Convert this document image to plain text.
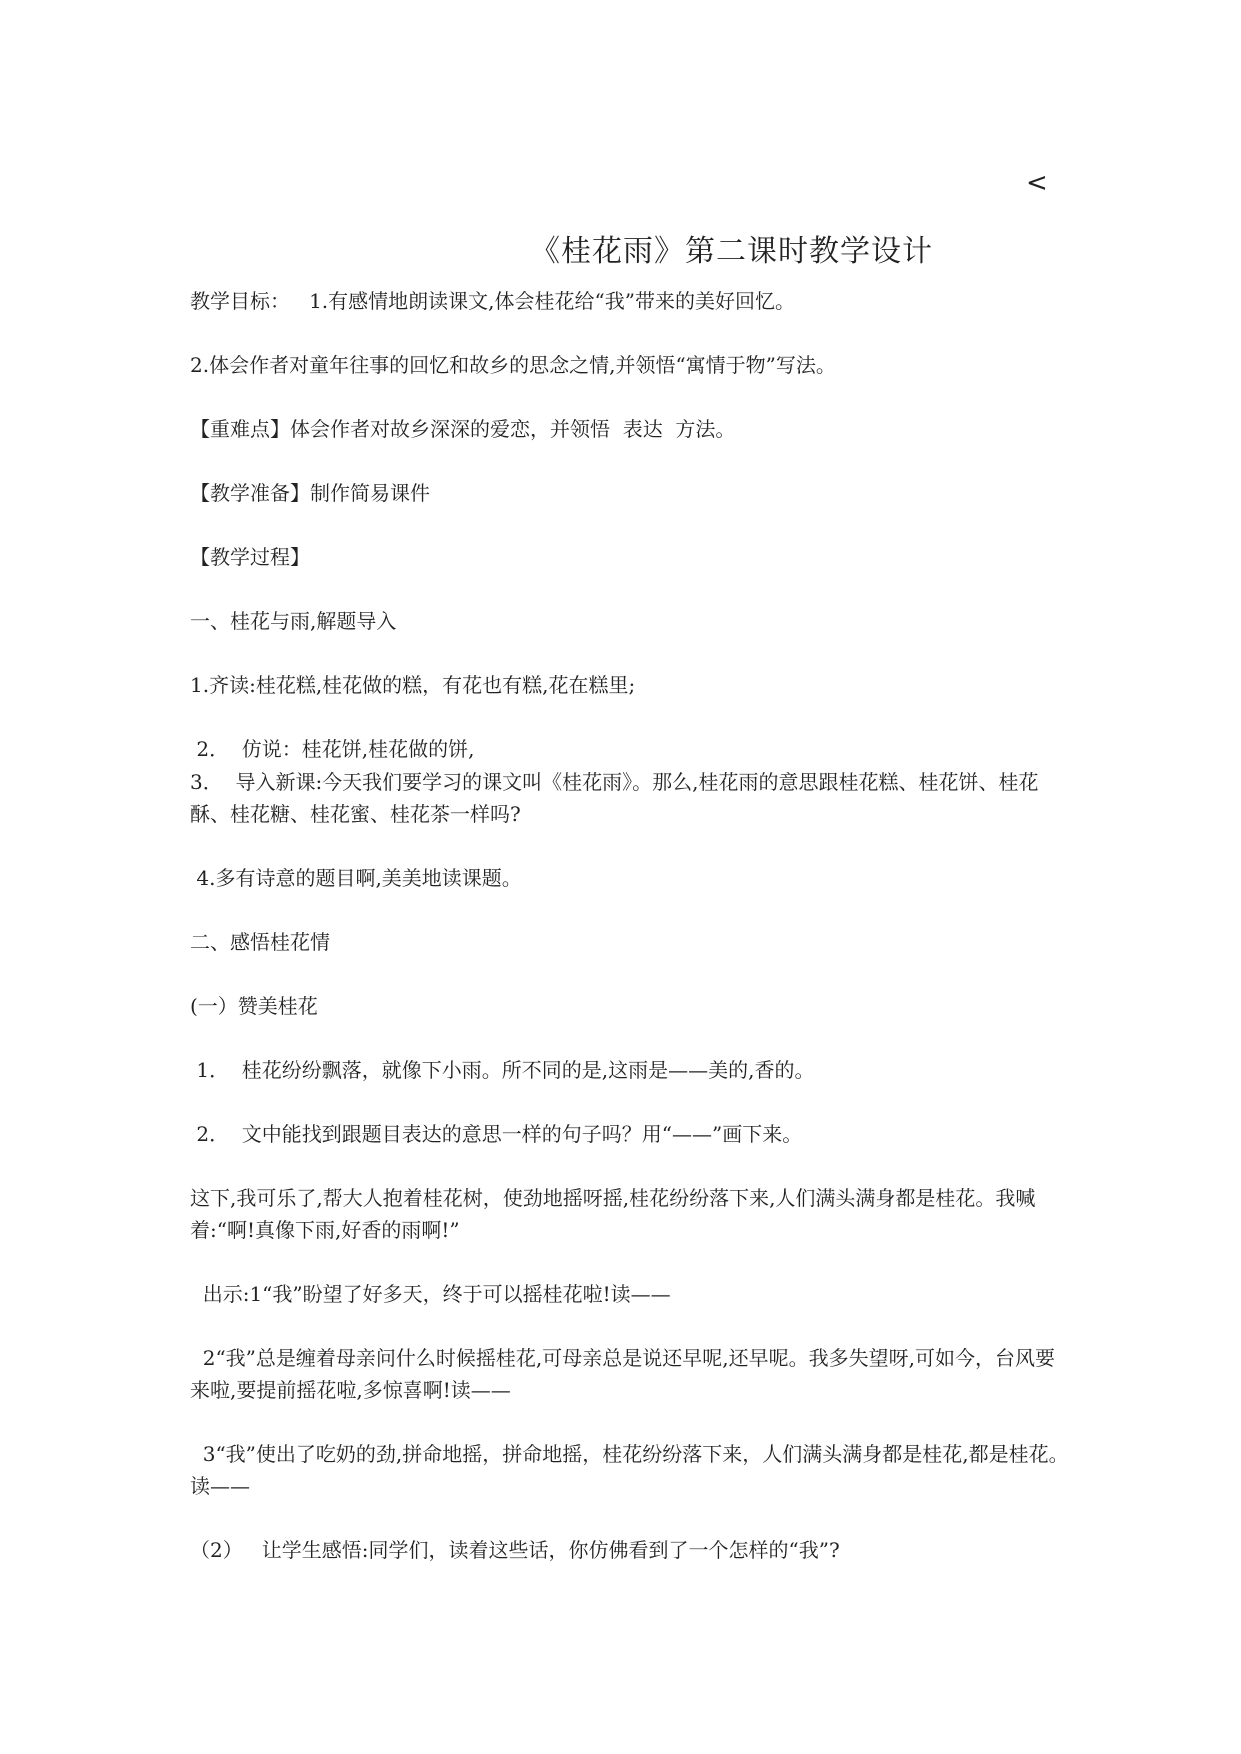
<
《桂花雨》第二课时教学设计
教学目标：   1.有感情地朗读课文,体会桂花给“我”带来的美好回忆。
2.体会作者对童年往事的回忆和故乡的思念之情,并领悟“寓情于物”写法。
【重难点】体会作者对故乡深深的爱恋，并领悟  表达  方法。
【教学准备】制作简易课件
【教学过程】
一、桂花与雨,解题导入
1.齐读:桂花糕,桂花做的糕，有花也有糕,花在糕里;
2．  仿说：桂花饼,桂花做的饼,
3．  导入新课:今天我们要学习的课文叫《桂花雨》。那么,桂花雨的意思跟桂花糕、桂花饼、桂花酥、桂花糖、桂花蜜、桂花茶一样吗?
4.多有诗意的题目啊,美美地读课题。
二、感悟桂花情
(一）赞美桂花
1．  桂花纷纷飘落，就像下小雨。所不同的是,这雨是——美的,香的。
2．  文中能找到跟题目表达的意思一样的句子吗？用“——”画下来。
这下,我可乐了,帮大人抱着桂花树，使劲地摇呀摇,桂花纷纷落下来,人们满头满身都是桂花。我喊着:“啊!真像下雨,好香的雨啊!”
出示:1“我”盼望了好多天，终于可以摇桂花啦!读——
2“我”总是缠着母亲问什么时候摇桂花,可母亲总是说还早呢,还早呢。我多失望呀,可如今，台风要来啦,要提前摇花啦,多惊喜啊!读——
3“我”使出了吃奶的劲,拼命地摇，拼命地摇，桂花纷纷落下来，人们满头满身都是桂花,都是桂花。读——
（2）   让学生感悟:同学们，读着这些话，你仿佛看到了一个怎样的“我”?
